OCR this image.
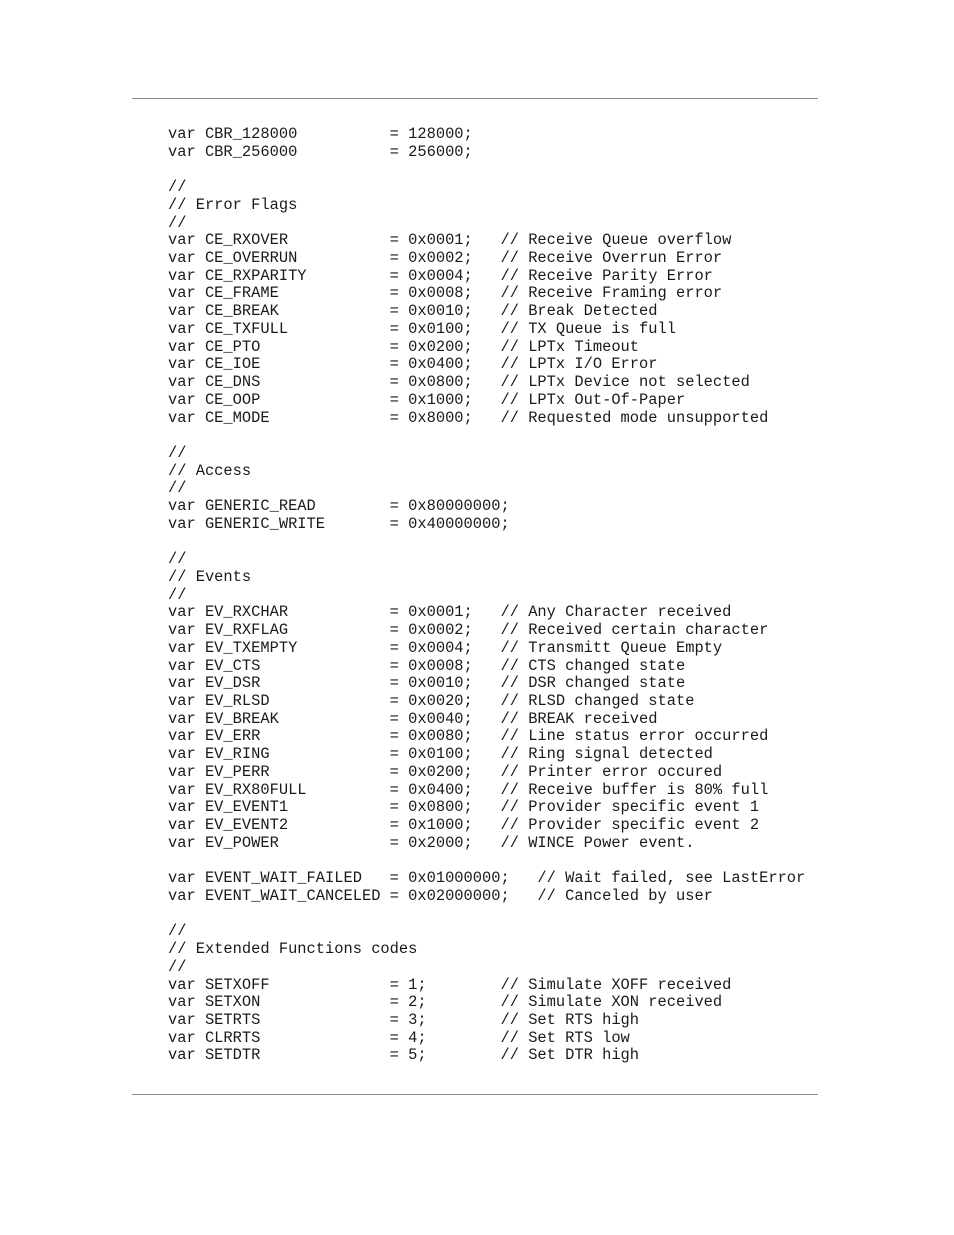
var CBR_128000          = 128000;
var CBR_256000          = 256000;

//
// Error Flags
//
var CE_RXOVER           = 0x0001;   // Receive Queue overflow
var CE_OVERRUN          = 0x0002;   // Receive Overrun Error
var CE_RXPARITY         = 0x0004;   // Receive Parity Error
var CE_FRAME            = 0x0008;   // Receive Framing error
var CE_BREAK            = 0x0010;   // Break Detected
var CE_TXFULL           = 0x0100;   // TX Queue is full
var CE_PTO              = 0x0200;   // LPTx Timeout
var CE_IOE              = 0x0400;   // LPTx I/O Error
var CE_DNS              = 0x0800;   // LPTx Device not selected
var CE_OOP              = 0x1000;   // LPTx Out-Of-Paper
var CE_MODE             = 0x8000;   // Requested mode unsupported

//
// Access
//
var GENERIC_READ        = 0x80000000;
var GENERIC_WRITE       = 0x40000000;

//
// Events
//
var EV_RXCHAR           = 0x0001;   // Any Character received
var EV_RXFLAG           = 0x0002;   // Received certain character
var EV_TXEMPTY          = 0x0004;   // Transmitt Queue Empty
var EV_CTS              = 0x0008;   // CTS changed state
var EV_DSR              = 0x0010;   // DSR changed state
var EV_RLSD             = 0x0020;   // RLSD changed state
var EV_BREAK            = 0x0040;   // BREAK received
var EV_ERR              = 0x0080;   // Line status error occurred
var EV_RING             = 0x0100;   // Ring signal detected
var EV_PERR             = 0x0200;   // Printer error occured
var EV_RX80FULL         = 0x0400;   // Receive buffer is 80% full
var EV_EVENT1           = 0x0800;   // Provider specific event 1
var EV_EVENT2           = 0x1000;   // Provider specific event 2
var EV_POWER            = 0x2000;   // WINCE Power event.

var EVENT_WAIT_FAILED   = 0x01000000;   // Wait failed, see LastError
var EVENT_WAIT_CANCELED = 0x02000000;   // Canceled by user

//
// Extended Functions codes
//
var SETXOFF             = 1;        // Simulate XOFF received
var SETXON              = 2;        // Simulate XON received
var SETRTS              = 3;        // Set RTS high
var CLRRTS              = 4;        // Set RTS low
var SETDTR              = 5;        // Set DTR high
